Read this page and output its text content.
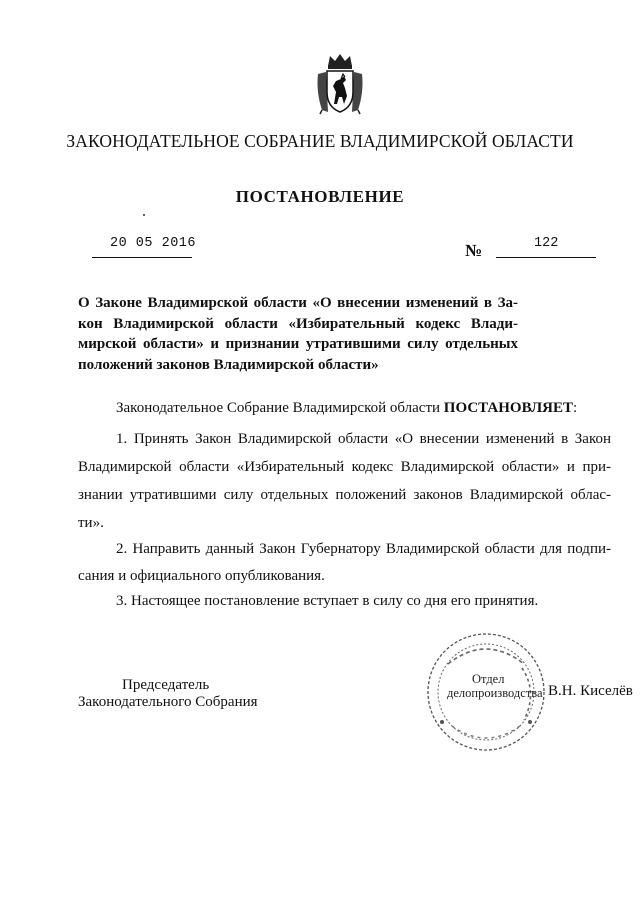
ЗАКОНОДАТЕЛЬНОЕ СОБРАНИЕ ВЛАДИМИРСКОЙ ОБЛАСТИ
ПОСТАНОВЛЕНИЕ
20 05 2016	№	122
О Законе Владимирской области «О внесении изменений в За-
кон Владимирской области «Избирательный кодекс Влади-
мирской области» и признании утратившими силу отдельных
положений законов Владимирской области»
Законодательное Собрание Владимирской области ПОСТАНОВЛЯЕТ:
1. Принять Закон Владимирской области «О внесении изменений в Закон
Владимирской области «Избирательный кодекс Владимирской области» и при-
знании утратившими силу отдельных положений законов Владимирской облас-
ти».
2. Направить данный Закон Губернатору Владимирской области для подпи-
сания и официального опубликования.
3. Настоящее постановление вступает в силу со дня его принятия.
Председатель
Законодательного Собрания
Отдел
делопроизводства В.Н. Киселёв
